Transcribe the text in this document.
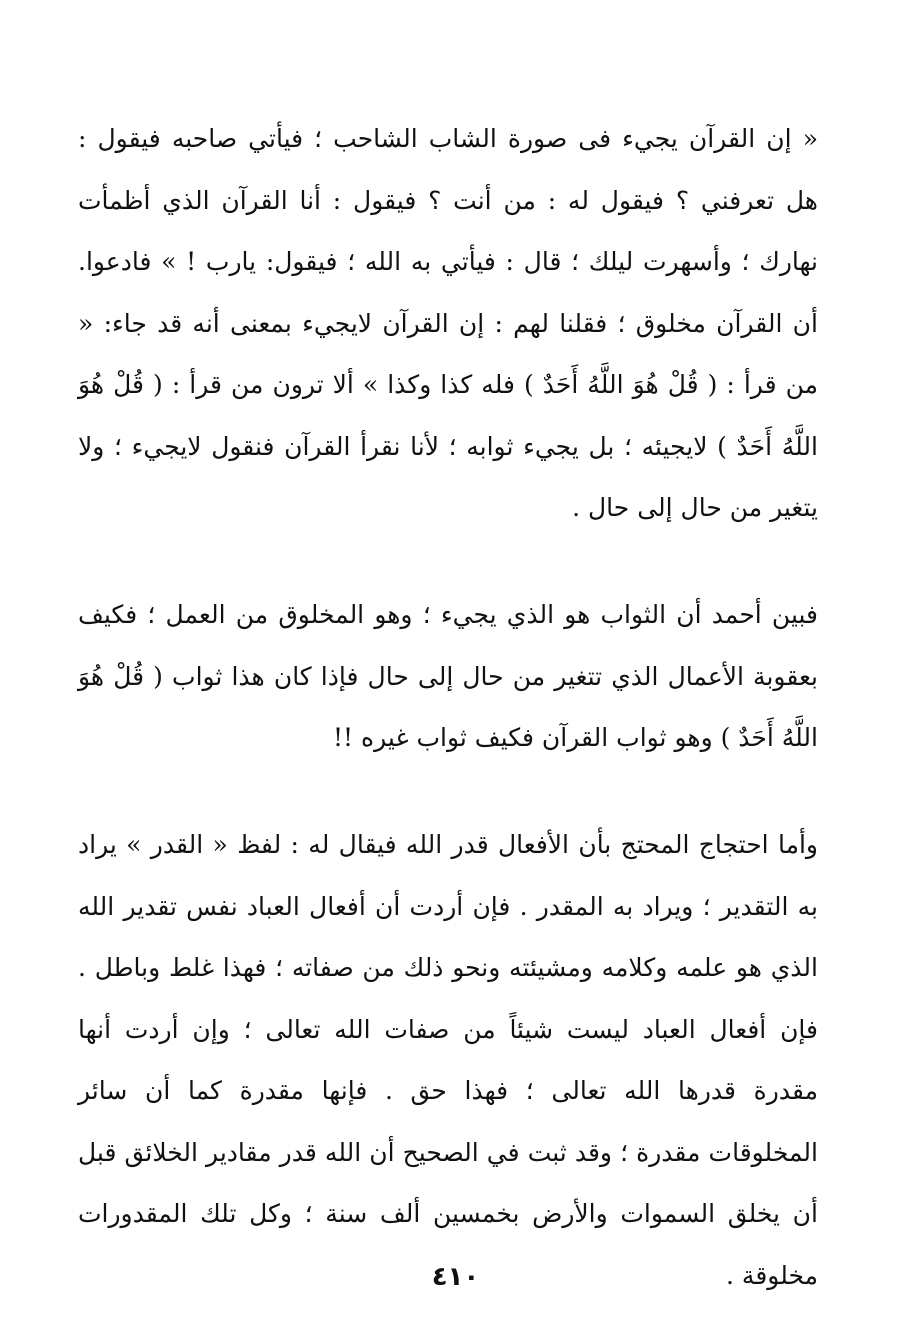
« إن القرآن يجيء فى صورة الشاب الشاحب ؛ فيأتي صاحبه فيقول : هل تعرفني ؟ فيقول له : من أنت ؟ فيقول : أنا القرآن الذي أظمأت نهارك ؛ وأسهرت ليلك ؛ قال : فيأتي به الله ؛ فيقول: يارب ! » فادعوا. أن القرآن مخلوق ؛ فقلنا لهم : إن القرآن لايجيء بمعنى أنه قد جاء: « من قرأ : ( قُلْ هُوَ اللَّهُ أَحَدٌ ) فله كذا وكذا » ألا ترون من قرأ : ( قُلْ هُوَ اللَّهُ أَحَدٌ ) لايجيئه ؛ بل يجيء ثوابه ؛ لأنا نقرأ القرآن فنقول لايجيء ؛ ولا يتغير من حال إلى حال .

فبين أحمد أن الثواب هو الذي يجيء ؛ وهو المخلوق من العمل ؛ فكيف بعقوبة الأعمال الذي تتغير من حال إلى حال فإذا كان هذا ثواب ( قُلْ هُوَ اللَّهُ أَحَدٌ ) وهو ثواب القرآن فكيف ثواب غيره !!

وأما احتجاج المحتج بأن الأفعال قدر الله فيقال له : لفظ « القدر » يراد به التقدير ؛ ويراد به المقدر . فإن أردت أن أفعال العباد نفس تقدير الله الذي هو علمه وكلامه ومشيئته ونحو ذلك من صفاته ؛ فهذا غلط وباطل . فإن أفعال العباد ليست شيئاً من صفات الله تعالى ؛ وإن أردت أنها مقدرة قدرها الله تعالى ؛ فهذا حق . فإنها مقدرة كما أن سائر المخلوقات مقدرة ؛ وقد ثبت في الصحيح أن الله قدر مقادير الخلائق قبل أن يخلق السموات والأرض بخمسين ألف سنة ؛ وكل تلك المقدورات مخلوقة .

٤١٠
